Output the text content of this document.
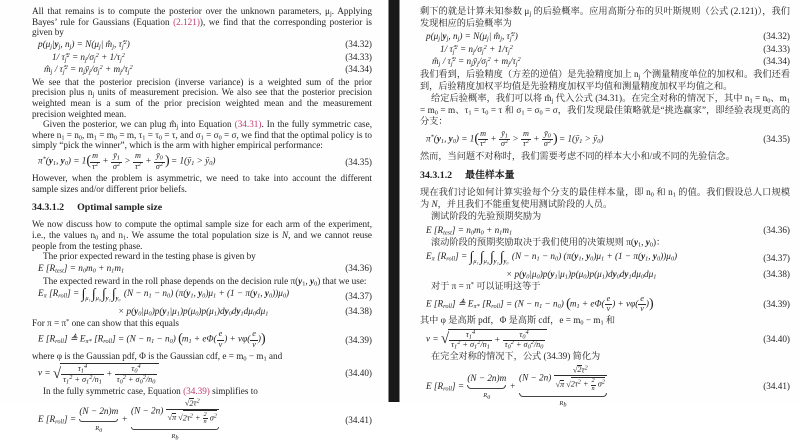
All that remains is to compute the posterior over the unknown parameters, $\mu_j$. Applying Bayes’ rule for Gaussians (Equation (2.121)), we find that the corresponding posterior is given by

$p(\mu_j|y_j$, $n_j) = N(\mu_j|$ $m̂_j$, $\taû_j^2$)	(34.32)
1/ $\taû_j^2 = n_j/\sigma_j^2 + 1/\tau_j^2$	(34.33)
$m̂_j$ / $\taû_j^2$ = $n_jȳ_j/\sigma_j^2 + m_j/\tau_j^2$	(34.34)

We see that the posterior precision (inverse variance) is a weighted sum of the prior precision plus $n_j$ units of measurement precision. We also see that the posterior precision weighted mean is a sum of the prior precision weighted mean and the measurement precision weighted mean.

Given the posterior, we can plug $m̂_j$ into Equation (34.31). In the fully symmetric case, where $n_1 = n_0$, $m_1 = m_0 = m$, $\tau_1 = \tau_0 = \tau$, and $\sigma_1 = \sigma_0 = \sigma$, we find that the optimal policy is to simply “pick the winner”, which is the arm with higher empirical performance:

$\pi^*(y_1$, $y_0) = 1( \frac{m}{\tau^2} + \frac{ȳ_1}{\sigma^2} > \frac{m}{\tau^2} + \frac{ȳ_0}{\sigma^2}$ ) = $1(ȳ_1$ > $ȳ_0$)	(34.35)

However, when the problem is asymmetric, we need to take into account the different sample sizes and/or different prior beliefs.

34.3.1.2 Optimal sample size

We now discuss how to compute the optimal sample size for each arm of the experiment, i.e., the values $n_0$ and $n_1$. We assume the total population size is N, and we cannot reuse people from the testing phase.

The prior expected reward in the testing phase is given by

E $[R_{test}] = n_0m_0 + n_1m_1$	(34.36)

The expected reward in the roll phase depends on the decision rule $\pi(y_1$, $y_0$) that we use:

$E_\pi$ $[R_{roll}] = \int_{\mu_1}\int_{\mu_0}\int_{y_1}\int_{y_0}$ $(N - n_1 - n_0)$ ($\pi(y_1$, $y_0)\mu_1 + (1 - \pi(y_1$, $y_0))\mu_0$)	(34.37)
× $p(y_0|\mu_0)p(y_1|\mu_1)p(\mu_0)p(\mu_1)dy_0dy_1d\mu_0d\mu_1$	(34.38)

For π = π* one can show that this equals

E $[R_{roll}]$ ≜ $E_{\pi*}$ $[R_{roll}] = (N - n_1 - n_0) (m_1 + e\Phi( \frac{e}{v}$ ) + $v\varphi( \frac{e}{v}$ ))	(34.39)

where φ is the Gaussian pdf, Φ is the Gaussian cdf, $e = m_0 - m_1$ and

v = √ $\frac{\tau_1^4}{\tau_1^2 + \sigma_1^2/n_1} + \frac{\tau_0^4}{\tau_0^2 + \sigma_0^2/n_0}$	(34.40)

In the fully symmetric case, Equation (34.39) simplifies to

E $[R_{roll}]$ =
(N − 2n)m
$R_a$
+
$(N - 2n) \frac{√2\tau^2}{√\pi √2\tau^2 + \frac{2}{n} \sigma^2}$
$R_b$
(34.41)

剩下的就是计算未知参数 $\mu_j$ 的后验概率。应用高斯分布的贝叶斯规则（公式 (2.121)），我们发现相应的后验概率为

$p(\mu_j|y_j$, $n_j) = N(\mu_j|$ $m̂_j$, $\taû_j^2$)	(34.32)
1/ $\taû_j^2 = n_j/\sigma_j^2 + 1/\tau_j^2$	(34.33)
$m̂_j$ / $\taû_j^2$ = $n_jȳ_j/\sigma_j^2 + m_j/\tau_j^2$	(34.34)

我们看到，后验精度（方差的逆值）是先验精度加上 $n_j$ 个测量精度单位的加权和。我们还看到，后验精度加权平均值是先验精度加权平均值和测量精度加权平均值之和。

给定后验概率，我们可以将 $m̂_j$ 代入公式 (34.31)。在完全对称的情况下，其中 $n_1 = n_0$、$m_1 = m_0 = m$、$\tau_1 = \tau_0 = \tau$ 和 $\sigma_1 = \sigma_0 = \sigma$，我们发现最佳策略就是“挑选赢家”，即经验表现更高的分支：

$\pi^*(y_1$, $y_0) = 1( \frac{m}{\tau^2} + \frac{ȳ_1}{\sigma^2} > \frac{m}{\tau^2} + \frac{ȳ_0}{\sigma^2}$ ) = $1(ȳ_1$ > $ȳ_0$)	(34.35)

然而，当问题不对称时，我们需要考虑不同的样本大小和/或不同的先验信念。

34.3.1.2 最佳样本量

现在我们讨论如何计算实验每个分支的最佳样本量，即 $n_0$ 和 $n_1$ 的值。我们假设总人口规模为 N，并且我们不能重复使用测试阶段的人员。

测试阶段的先验预期奖励为

E $[R_{test}] = n_0m_0 + n_1m_1$	(34.36)

滚动阶段的预期奖励取决于我们使用的决策规则 $\pi(y_1$, $y_0$)：

$E_\pi$ $[R_{roll}] = \int_{\mu_1}\int_{\mu_0}\int_{y_1}\int_{y_0}$ $(N - n_1 - n_0)$ ($\pi(y_1$, $y_0)\mu_1 + (1 - \pi(y_1$, $y_0))\mu_0$)	(34.37)
× $p(y_0|\mu_0)p(y_1|\mu_1)p(\mu_0)p(\mu_1)dy_0dy_1d\mu_0d\mu_1$	(34.38)

对于 π = π* 可以证明这等于

E $[R_{roll}]$ ≜ $E_{\pi*}$ $[R_{roll}] = (N - n_1 - n_0) (m_1 + e\Phi( \frac{e}{v}$ ) + $v\varphi( \frac{e}{v}$ ))	(34.39)

其中 φ 是高斯 pdf，Φ 是高斯 cdf，$e = m_0 - m_1$ 和

v = √ $\frac{\tau_1^4}{\tau_1^2 + \sigma_1^2/n_1} + \frac{\tau_0^4}{\tau_0^2 + \sigma_0^2/n_0}$	(34.40)

在完全对称的情况下，公式 (34.39) 简化为

E $[R_{roll}]$ =
(N − 2n)m
$R_a$
+
$(N - 2n) \frac{√2\tau^2}{√\pi √2\tau^2 + \frac{2}{n} \sigma^2}$
$R_b$
(34.41)
